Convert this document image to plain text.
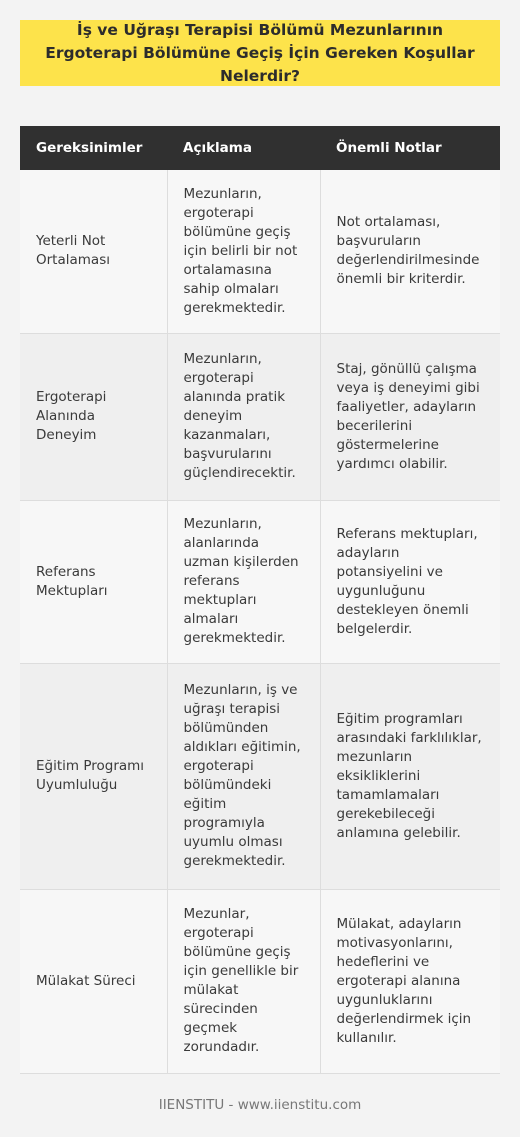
İş ve Uğraşı Terapisi Bölümü Mezunlarının Ergoterapi Bölümüne Geçiş İçin Gereken Koşullar Nelerdir?
Gereksinimler	Açıklama	Önemli Notlar
Yeterli Not Ortalaması	Mezunların, ergoterapi bölümüne geçiş için belirli bir not ortalamasına sahip olmaları gerekmektedir.	Not ortalaması, başvuruların değerlendirilmesinde önemli bir kriterdir.
Ergoterapi Alanında Deneyim	Mezunların, ergoterapi alanında pratik deneyim kazanmaları, başvurularını güçlendirecektir.	Staj, gönüllü çalışma veya iş deneyimi gibi faaliyetler, adayların becerilerini göstermelerine yardımcı olabilir.
Referans Mektupları	Mezunların, alanlarında uzman kişilerden referans mektupları almaları gerekmektedir.	Referans mektupları, adayların potansiyelini ve uygunluğunu destekleyen önemli belgelerdir.
Eğitim Programı Uyumluluğu	Mezunların, iş ve uğraşı terapisi bölümünden aldıkları eğitimin, ergoterapi bölümündeki eğitim programıyla uyumlu olması gerekmektedir.	Eğitim programları arasındaki farklılıklar, mezunların eksikliklerini tamamlamaları gerekebileceği anlamına gelebilir.
Mülakat Süreci	Mezunlar, ergoterapi bölümüne geçiş için genellikle bir mülakat sürecinden geçmek zorundadır.	Mülakat, adayların motivasyonlarını, hedeflerini ve ergoterapi alanına uygunluklarını değerlendirmek için kullanılır.
IIENSTITU - www.iienstitu.com
